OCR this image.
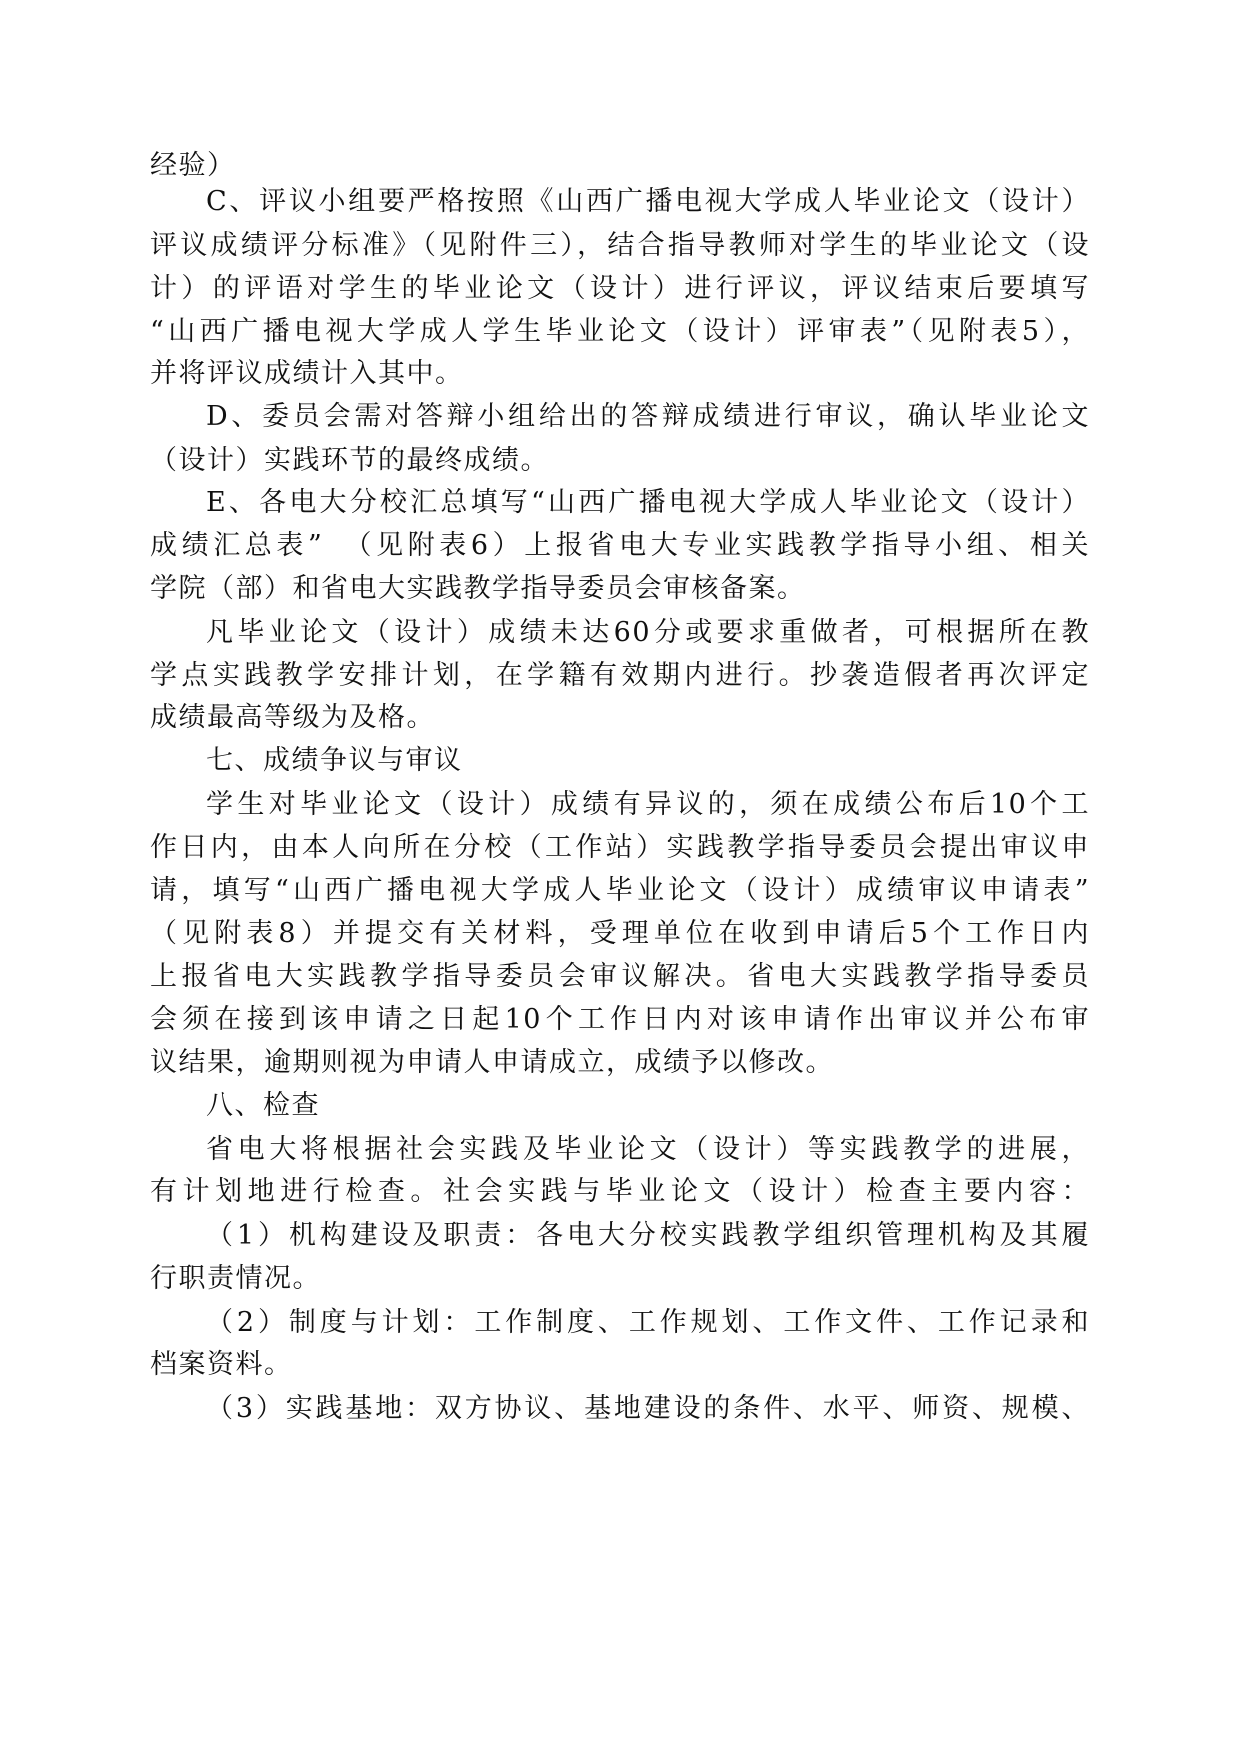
经验）
C、评议小组要严格按照《山西广播电视大学成人毕业论文（设计）
评议成绩评分标准》（见附件三），结合指导教师对学生的毕业论文（设
计）的评语对学生的毕业论文（设计）进行评议，评议结束后要填写
“山西广播电视大学成人学生毕业论文（设计）评审表”（见附表5），
并将评议成绩计入其中。
D、委员会需对答辩小组给出的答辩成绩进行审议，确认毕业论文
（设计）实践环节的最终成绩。
E、各电大分校汇总填写“山西广播电视大学成人毕业论文（设计）
成绩汇总表”　（见附表6）上报省电大专业实践教学指导小组、相关
学院（部）和省电大实践教学指导委员会审核备案。
凡毕业论文（设计）成绩未达60分或要求重做者，可根据所在教
学点实践教学安排计划，在学籍有效期内进行。抄袭造假者再次评定
成绩最高等级为及格。
七、成绩争议与审议
学生对毕业论文（设计）成绩有异议的，须在成绩公布后10个工
作日内，由本人向所在分校（工作站）实践教学指导委员会提出审议申
请，填写“山西广播电视大学成人毕业论文（设计）成绩审议申请表”
（见附表8）并提交有关材料，受理单位在收到申请后5个工作日内
上报省电大实践教学指导委员会审议解决。省电大实践教学指导委员
会须在接到该申请之日起10个工作日内对该申请作出审议并公布审
议结果，逾期则视为申请人申请成立，成绩予以修改。
八、检查
省电大将根据社会实践及毕业论文（设计）等实践教学的进展，
有计划地进行检查。社会实践与毕业论文（设计）检查主要内容：
（1）机构建设及职责：各电大分校实践教学组织管理机构及其履
行职责情况。
（2）制度与计划：工作制度、工作规划、工作文件、工作记录和
档案资料。
（3）实践基地：双方协议、基地建设的条件、水平、师资、规模、
